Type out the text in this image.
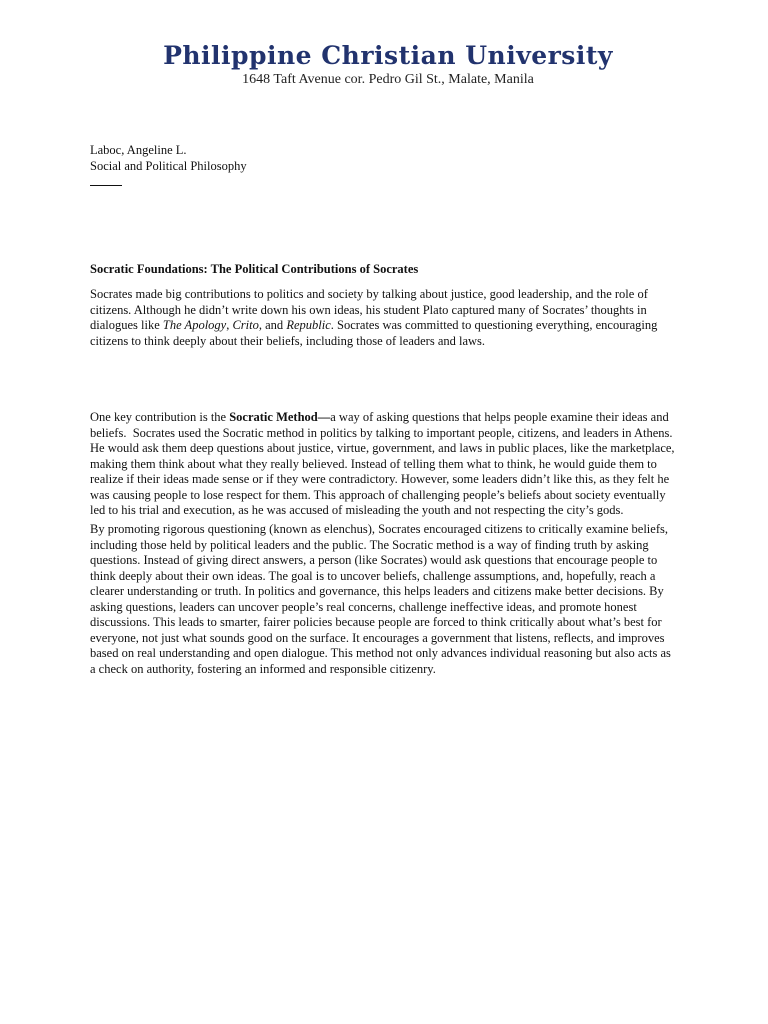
Philippine Christian University
1648 Taft Avenue cor. Pedro Gil St., Malate, Manila
Laboc, Angeline L.
Social and Political Philosophy
Socratic Foundations: The Political Contributions of Socrates

Socrates made big contributions to politics and society by talking about justice, good leadership, and the role of
citizens. Although he didn’t write down his own ideas, his student Plato captured many of Socrates’ thoughts in
dialogues like The Apology, Crito, and Republic. Socrates was committed to questioning everything, encouraging
citizens to think deeply about their beliefs, including those of leaders and laws.

One key contribution is the Socratic Method—a way of asking questions that helps people examine their ideas and
beliefs.  Socrates used the Socratic method in politics by talking to important people, citizens, and leaders in Athens.
He would ask them deep questions about justice, virtue, government, and laws in public places, like the marketplace,
making them think about what they really believed. Instead of telling them what to think, he would guide them to
realize if their ideas made sense or if they were contradictory. However, some leaders didn’t like this, as they felt he
was causing people to lose respect for them. This approach of challenging people’s beliefs about society eventually
led to his trial and execution, as he was accused of misleading the youth and not respecting the city’s gods.

By promoting rigorous questioning (known as elenchus), Socrates encouraged citizens to critically examine beliefs,
including those held by political leaders and the public. The Socratic method is a way of finding truth by asking
questions. Instead of giving direct answers, a person (like Socrates) would ask questions that encourage people to
think deeply about their own ideas. The goal is to uncover beliefs, challenge assumptions, and, hopefully, reach a
clearer understanding or truth. In politics and governance, this helps leaders and citizens make better decisions. By
asking questions, leaders can uncover people’s real concerns, challenge ineffective ideas, and promote honest
discussions. This leads to smarter, fairer policies because people are forced to think critically about what’s best for
everyone, not just what sounds good on the surface. It encourages a government that listens, reflects, and improves
based on real understanding and open dialogue. This method not only advances individual reasoning but also acts as
a check on authority, fostering an informed and responsible citizenry.
